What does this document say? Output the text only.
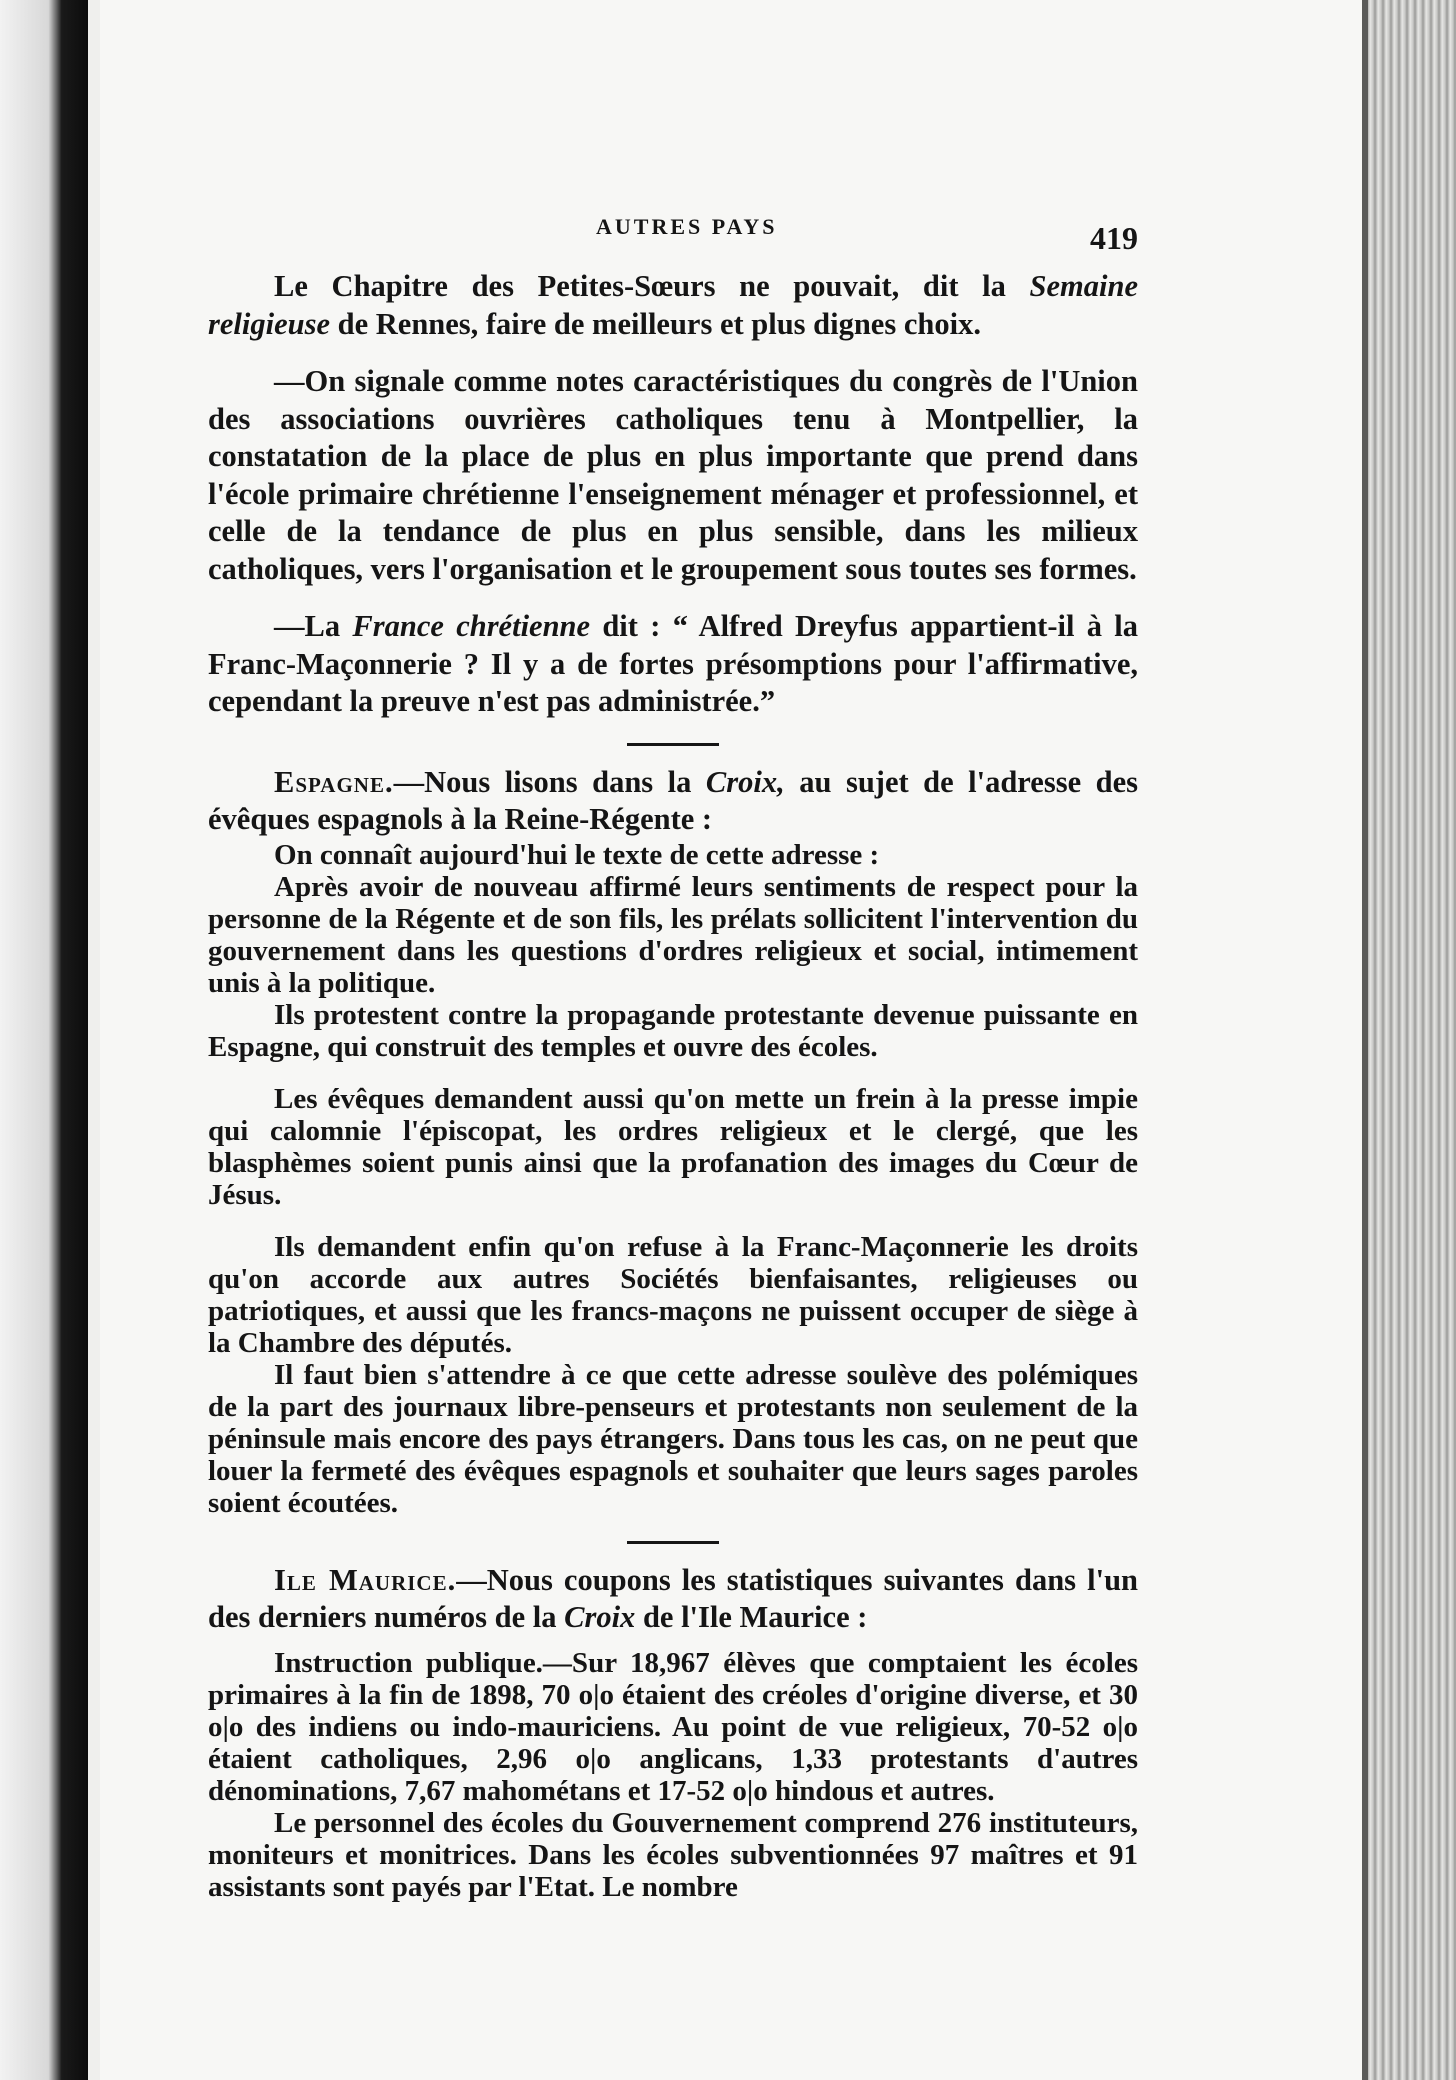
AUTRES PAYS	419

Le Chapitre des Petites-Sœurs ne pouvait, dit la Semaine religieuse de Rennes, faire de meilleurs et plus dignes choix.

—On signale comme notes caractéristiques du congrès de l'Union des associations ouvrières catholiques tenu à Montpellier, la constatation de la place de plus en plus importante que prend dans l'école primaire chrétienne l'enseignement ménager et professionnel, et celle de la tendance de plus en plus sensible, dans les milieux catholiques, vers l'organisation et le groupement sous toutes ses formes.

—La France chrétienne dit : “ Alfred Dreyfus appartient-il à la Franc-Maçonnerie ? Il y a de fortes présomptions pour l'affirmative, cependant la preuve n'est pas administrée.”

Espagne.—Nous lisons dans la Croix, au sujet de l'adresse des évêques espagnols à la Reine-Régente :

On connaît aujourd'hui le texte de cette adresse :

Après avoir de nouveau affirmé leurs sentiments de respect pour la personne de la Régente et de son fils, les prélats sollicitent l'intervention du gouvernement dans les questions d'ordres religieux et social, intimement unis à la politique.

Ils protestent contre la propagande protestante devenue puissante en Espagne, qui construit des temples et ouvre des écoles.

Les évêques demandent aussi qu'on mette un frein à la presse impie qui calomnie l'épiscopat, les ordres religieux et le clergé, que les blasphèmes soient punis ainsi que la profanation des images du Cœur de Jésus.

Ils demandent enfin qu'on refuse à la Franc-Maçonnerie les droits qu'on accorde aux autres Sociétés bienfaisantes, religieuses ou patriotiques, et aussi que les francs-maçons ne puissent occuper de siège à la Chambre des députés.

Il faut bien s'attendre à ce que cette adresse soulève des polémiques de la part des journaux libre-penseurs et protestants non seulement de la péninsule mais encore des pays étrangers. Dans tous les cas, on ne peut que louer la fermeté des évêques espagnols et souhaiter que leurs sages paroles soient écoutées.

Ile Maurice.—Nous coupons les statistiques suivantes dans l'un des derniers numéros de la Croix de l'Ile Maurice :

Instruction publique.—Sur 18,967 élèves que comptaient les écoles primaires à la fin de 1898, 70 o|o étaient des créoles d'origine diverse, et 30 o|o des indiens ou indo-mauriciens. Au point de vue religieux, 70-52 o|o étaient catholiques, 2,96 o|o anglicans, 1,33 protestants d'autres dénominations, 7,67 mahométans et 17-52 o|o hindous et autres.

Le personnel des écoles du Gouvernement comprend 276 instituteurs, moniteurs et monitrices. Dans les écoles subventionnées 97 maîtres et 91 assistants sont payés par l'Etat. Le nombre
